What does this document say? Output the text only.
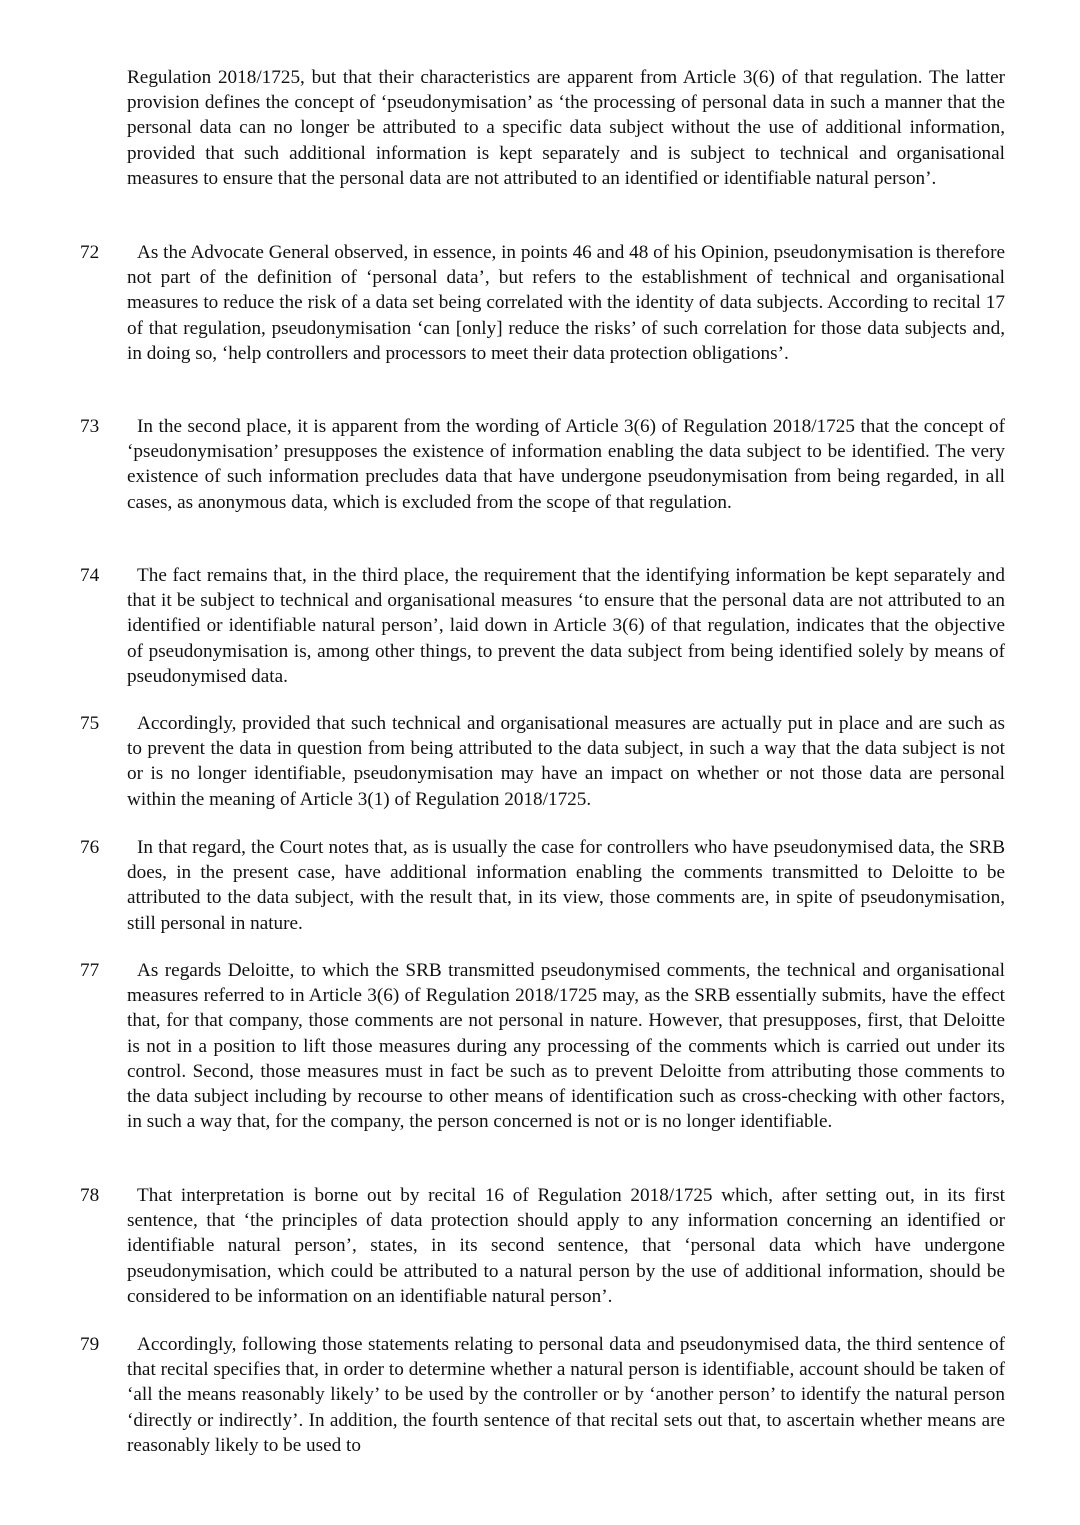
Regulation 2018/1725, but that their characteristics are apparent from Article 3(6) of that regulation. The latter provision defines the concept of ‘pseudonymisation’ as ‘the processing of personal data in such a manner that the personal data can no longer be attributed to a specific data subject without the use of additional information, provided that such additional information is kept separately and is subject to technical and organisational measures to ensure that the personal data are not attributed to an identified or identifiable natural person’.

72	As the Advocate General observed, in essence, in points 46 and 48 of his Opinion, pseudonymisation is therefore not part of the definition of ‘personal data’, but refers to the establishment of technical and organisational measures to reduce the risk of a data set being correlated with the identity of data subjects. According to recital 17 of that regulation, pseudonymisation ‘can [only] reduce the risks’ of such correlation for those data subjects and, in doing so, ‘help controllers and processors to meet their data protection obligations’.

73	In the second place, it is apparent from the wording of Article 3(6) of Regulation 2018/1725 that the concept of ‘pseudonymisation’ presupposes the existence of information enabling the data subject to be identified. The very existence of such information precludes data that have undergone pseudonymisation from being regarded, in all cases, as anonymous data, which is excluded from the scope of that regulation.

74	The fact remains that, in the third place, the requirement that the identifying information be kept separately and that it be subject to technical and organisational measures ‘to ensure that the personal data are not attributed to an identified or identifiable natural person’, laid down in Article 3(6) of that regulation, indicates that the objective of pseudonymisation is, among other things, to prevent the data subject from being identified solely by means of pseudonymised data.

75	Accordingly, provided that such technical and organisational measures are actually put in place and are such as to prevent the data in question from being attributed to the data subject, in such a way that the data subject is not or is no longer identifiable, pseudonymisation may have an impact on whether or not those data are personal within the meaning of Article 3(1) of Regulation 2018/1725.

76	In that regard, the Court notes that, as is usually the case for controllers who have pseudonymised data, the SRB does, in the present case, have additional information enabling the comments transmitted to Deloitte to be attributed to the data subject, with the result that, in its view, those comments are, in spite of pseudonymisation, still personal in nature.

77	As regards Deloitte, to which the SRB transmitted pseudonymised comments, the technical and organisational measures referred to in Article 3(6) of Regulation 2018/1725 may, as the SRB essentially submits, have the effect that, for that company, those comments are not personal in nature. However, that presupposes, first, that Deloitte is not in a position to lift those measures during any processing of the comments which is carried out under its control. Second, those measures must in fact be such as to prevent Deloitte from attributing those comments to the data subject including by recourse to other means of identification such as cross-checking with other factors, in such a way that, for the company, the person concerned is not or is no longer identifiable.

78	That interpretation is borne out by recital 16 of Regulation 2018/1725 which, after setting out, in its first sentence, that ‘the principles of data protection should apply to any information concerning an identified or identifiable natural person’, states, in its second sentence, that ‘personal data which have undergone pseudonymisation, which could be attributed to a natural person by the use of additional information, should be considered to be information on an identifiable natural person’.

79	Accordingly, following those statements relating to personal data and pseudonymised data, the third sentence of that recital specifies that, in order to determine whether a natural person is identifiable, account should be taken of ‘all the means reasonably likely’ to be used by the controller or by ‘another person’ to identify the natural person ‘directly or indirectly’. In addition, the fourth sentence of that recital sets out that, to ascertain whether means are reasonably likely to be used to
